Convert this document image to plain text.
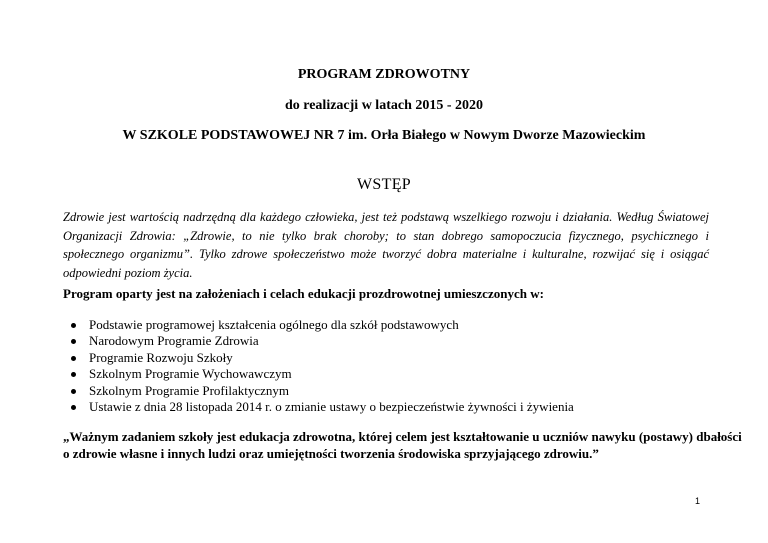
PROGRAM ZDROWOTNY
do realizacji w latach 2015 - 2020
W SZKOLE PODSTAWOWEJ NR 7 im. Orła Białego w Nowym Dworze Mazowieckim
WSTĘP

Zdrowie jest wartością nadrzędną dla każdego człowieka, jest też podstawą wszelkiego rozwoju i działania. Według Światowej Organizacji Zdrowia: „Zdrowie, to nie tylko brak choroby; to stan dobrego samopoczucia fizycznego, psychicznego i społecznego organizmu”. Tylko zdrowe społeczeństwo może tworzyć dobra materialne i kulturalne, rozwijać się i osiągać odpowiedni poziom życia.

Program oparty jest na założeniach i celach edukacji prozdrowotnej umieszczonych w:
Podstawie programowej kształcenia ogólnego dla szkół podstawowych
Narodowym Programie Zdrowia
Programie Rozwoju Szkoły
Szkolnym Programie Wychowawczym
Szkolnym Programie Profilaktycznym
Ustawie z dnia 28 listopada 2014 r. o zmianie ustawy o bezpieczeństwie żywności i żywienia

„Ważnym zadaniem szkoły jest edukacja zdrowotna, której celem jest kształtowanie u uczniów nawyku (postawy) dbałości o zdrowie własne i innych ludzi oraz umiejętności tworzenia środowiska sprzyjającego zdrowiu.”

1
